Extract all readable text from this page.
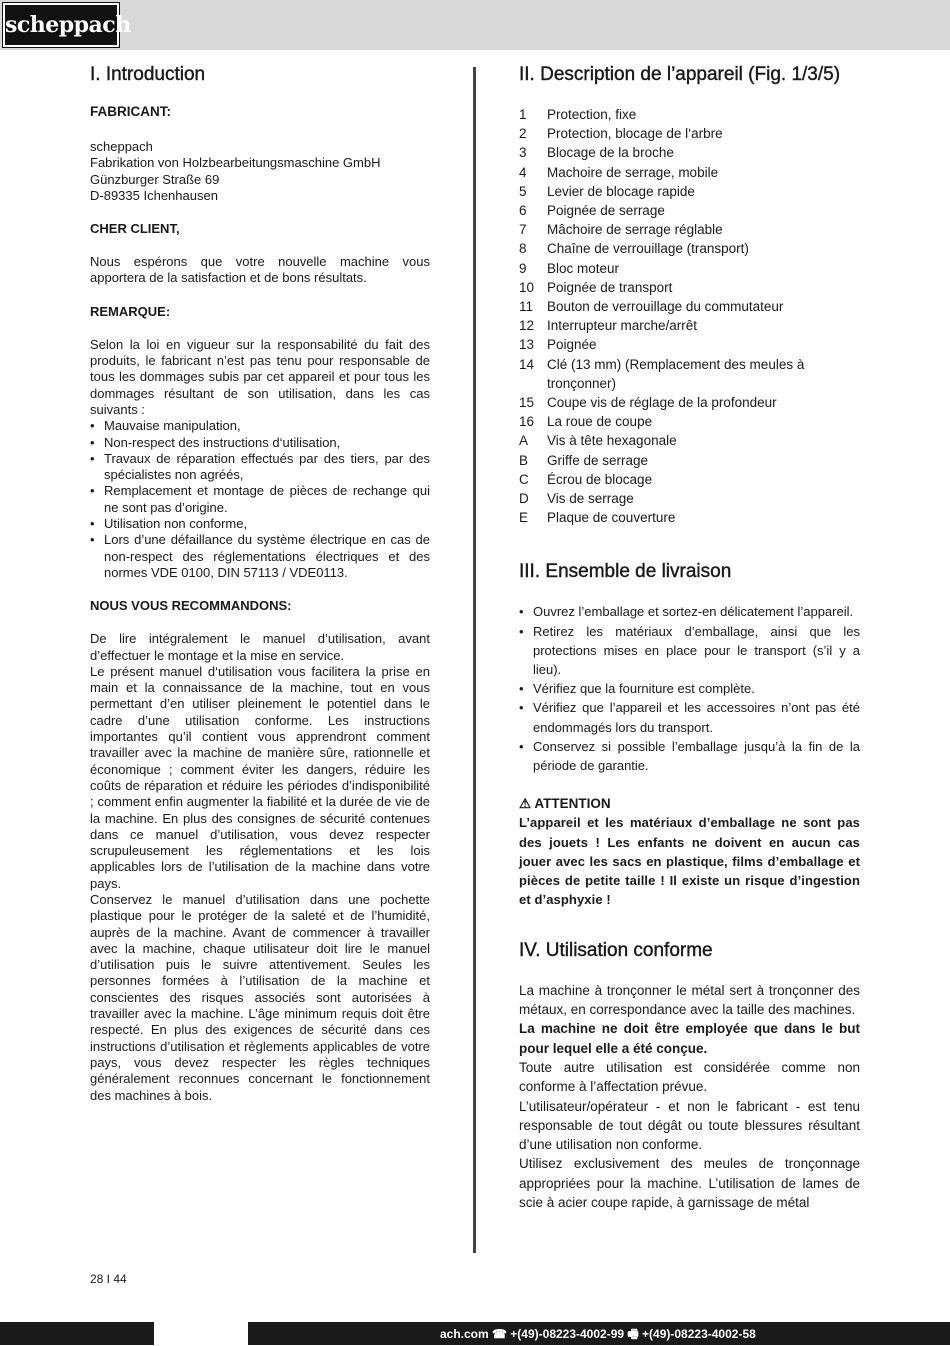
scheppach
I. Introduction
FABRICANT:

scheppach

Fabrikation von Holzbearbeitungsmaschine GmbH

Günzburger Straße 69

D-89335 Ichenhausen

CHER CLIENT,

Nous espérons que votre nouvelle machine vous apportera de la satisfaction et de bons résultats.

REMARQUE:

Selon la loi en vigueur sur la responsabilité du fait des produits, le fabricant n’est pas tenu pour responsable de tous les dommages subis par cet appareil et pour tous les dommages résultant de son utilisation, dans les cas suivants :

• Mauvaise manipulation,
• Non-respect des instructions d‘utilisation,
• Travaux de réparation effectués par des tiers, par des spécialistes non agréés,
• Remplacement et montage de pièces de rechange qui ne sont pas d’origine.
• Utilisation non conforme,
• Lors d’une défaillance du système électrique en cas de non-respect des réglementations électriques et des normes VDE 0100, DIN 57113 / VDE0113.
NOUS VOUS RECOMMANDONS:

De lire intégralement le manuel d’utilisation, avant d’effectuer le montage et la mise en service.

Le présent manuel d‘utilisation vous facilitera la prise en main et la connaissance de la machine, tout en vous permettant d’en utiliser pleinement le potentiel dans le cadre d’une utilisation conforme. Les instructions importantes qu’il contient vous apprendront comment travailler avec la machine de manière sûre, rationnelle et économique ; comment éviter les dangers, réduire les coûts de réparation et réduire les périodes d’indisponibilité ; comment enfin augmenter la fiabilité et la durée de vie de la machine. En plus des consignes de sécurité contenues dans ce manuel d’utilisation, vous devez respecter scrupuleusement les réglementations et les lois applicables lors de l’utilisation de la machine dans votre pays.

Conservez le manuel d’utilisation dans une pochette plastique pour le protéger de la saleté et de l’humidité, auprès de la machine. Avant de commencer à travailler avec la machine, chaque utilisateur doit lire le manuel d’utilisation puis le suivre attentivement. Seules les personnes formées à l’utilisation de la machine et conscientes des risques associés sont autorisées à travailler avec la machine. L’âge minimum requis doit être respecté. En plus des exigences de sécurité dans ces instructions d’utilisation et règlements applicables de votre pays, vous devez respecter les règles techniques généralement reconnues concernant le fonctionnement des machines à bois.

II. Description de l’appareil (Fig. 1/3/5)
1	Protection, fixe
2	Protection, blocage de l‘arbre
3	Blocage de la broche
4	Machoire de serrage, mobile
5	Levier de blocage rapide
6	Poignée de serrage
7	Mâchoire de serrage réglable
8	Chaîne de verrouillage (transport)
9	Bloc moteur
10 Poignée de transport
11	Bouton de verrouillage du commutateur
12 Interrupteur marche/arrêt
13 Poignée
14 Clé (13 mm) (Remplacement des meules à tronçonner)
15 Coupe vis de réglage de la profondeur
16 La roue de coupe
A	Vis à tête hexagonale
B	Griffe de serrage
C	Écrou de blocage
D	Vis de serrage
E	Plaque de couverture
III. Ensemble de livraison
• Ouvrez l’emballage et sortez-en délicatement l’appareil.
• Retirez les matériaux d’emballage, ainsi que les protections mises en place pour le transport (s’il y a lieu).
• Vérifiez que la fourniture est complète.
• Vérifiez que l’appareil et les accessoires n’ont pas été endommagés lors du transport.
• Conservez si possible l’emballage jusqu’à la fin de la période de garantie.

⚠ ATTENTION

L’appareil et les matériaux d’emballage ne sont pas des jouets ! Les enfants ne doivent en aucun cas jouer avec les sacs en plastique, films d’emballage et pièces de petite taille ! Il existe un risque d’ingestion et d’asphyxie !

IV. Utilisation conforme

La machine à tronçonner le métal sert à tronçonner des métaux, en correspondance avec la taille des machines.

La machine ne doit être employée que dans le but pour lequel elle a été conçue.

Toute autre utilisation est considérée comme non conforme à l’affectation prévue.

L’utilisateur/opérateur - et non le fabricant - est tenu responsable de tout dégât ou toute blessures résultant d’une utilisation non conforme.

Utilisez exclusivement des meules de tronçonnage appropriées pour la machine. L’utilisation de lames de scie à acier coupe rapide, à garnissage de métal

28 I 44
ach.com ☎ +(49)-08223-4002-99 🖷 +(49)-08223-4002-58
